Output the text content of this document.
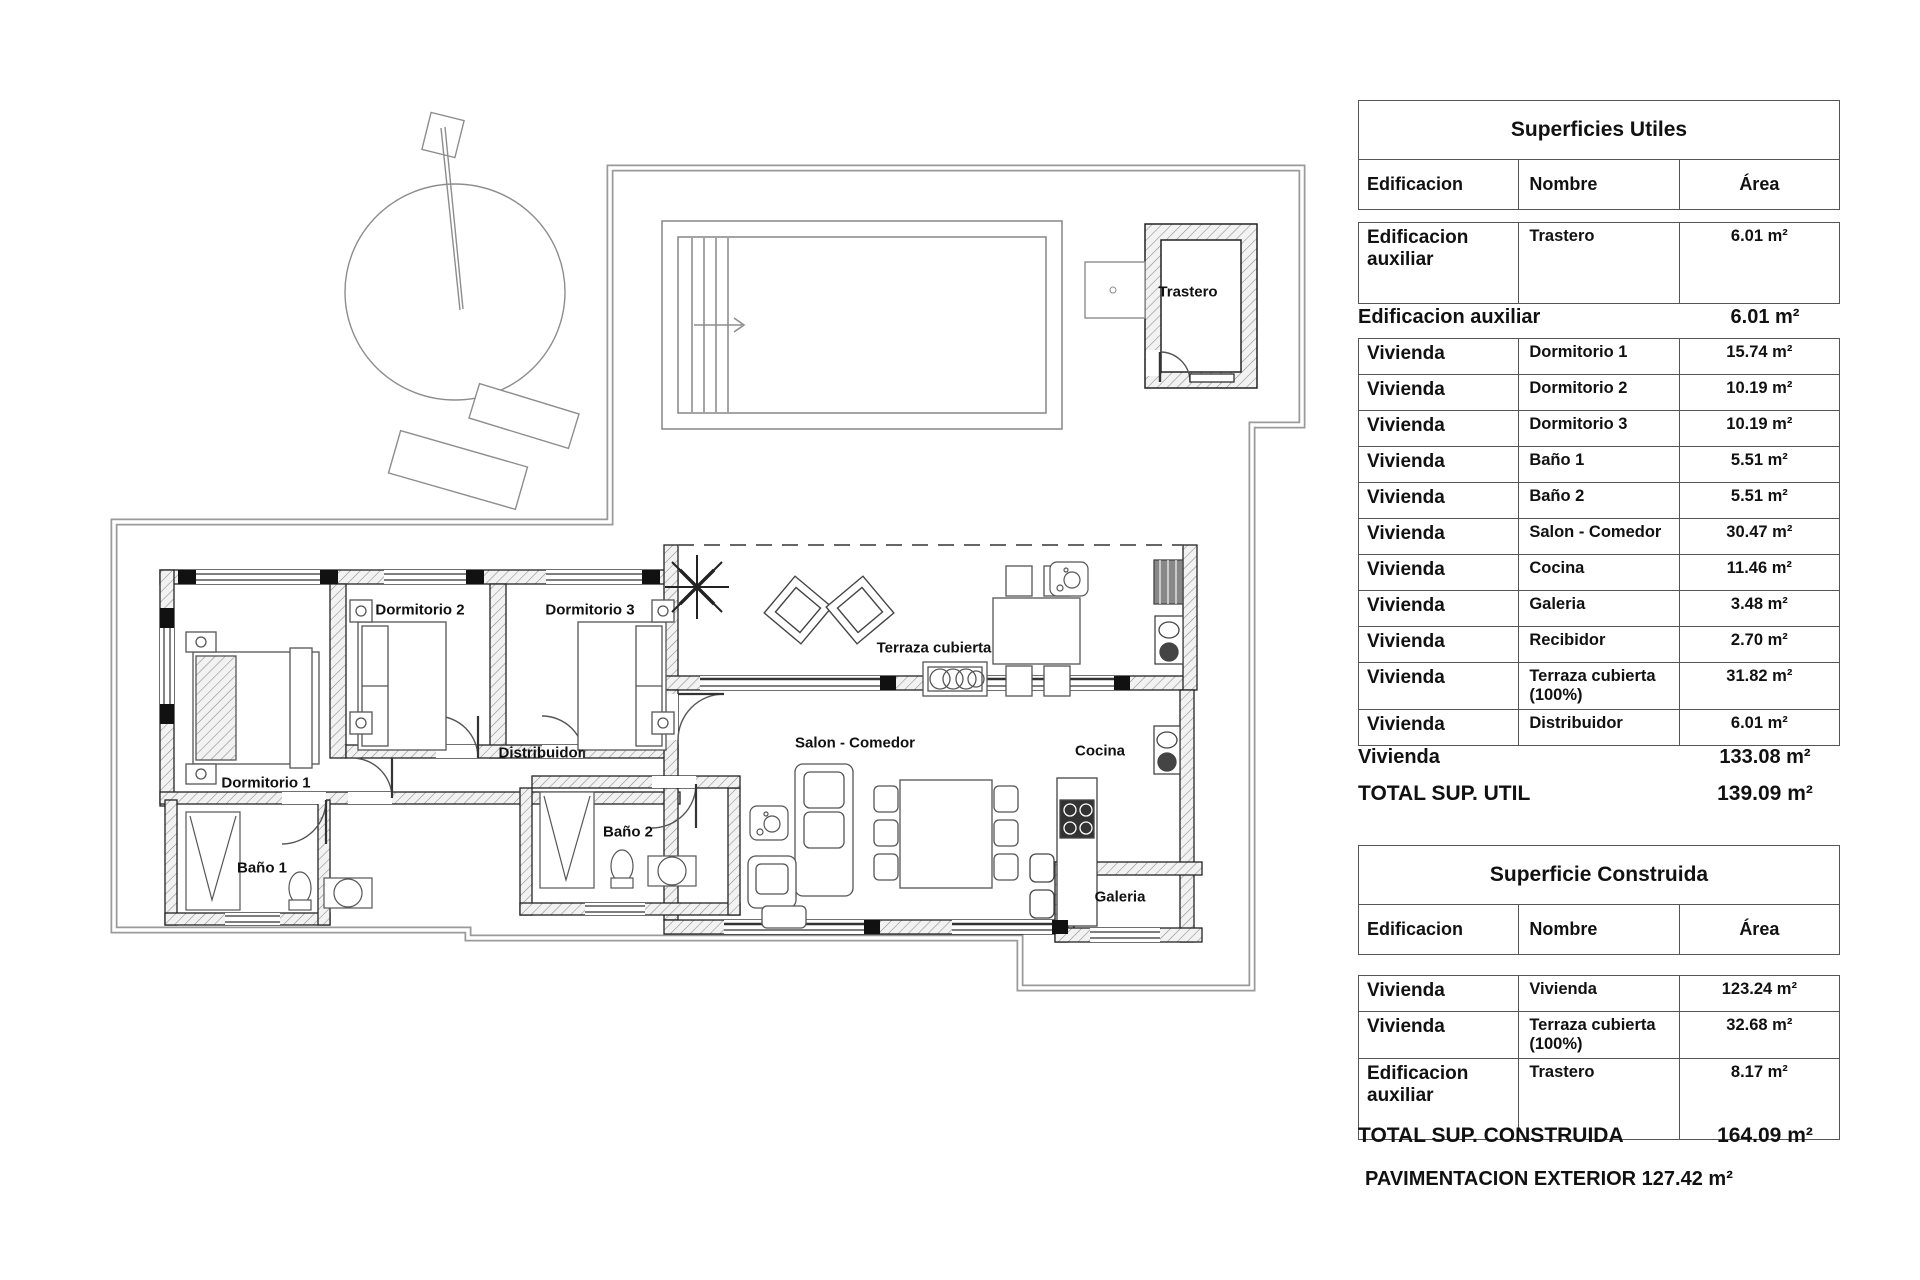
Dormitorio 1
Dormitorio 2	Dormitorio 3
Baño 1
Baño 2
Distribuidor
Salon - Comedor	Cocina
Galeria
Terraza cubierta
Trastero
Superficies Utiles
Edificacion	Nombre	Área
Edificacion auxiliar	Trastero	6.01 m²
Edificacion auxiliar	6.01 m²
Vivienda	Dormitorio 1	15.74 m²
Vivienda	Dormitorio 2	10.19 m²
Vivienda	Dormitorio 3	10.19 m²
Vivienda	Baño 1	5.51 m²
Vivienda	Baño 2	5.51 m²
Vivienda	Salon - Comedor	30.47 m²
Vivienda	Cocina	11.46 m²
Vivienda	Galeria	3.48 m²
Vivienda	Recibidor	2.70 m²
Vivienda	Terraza cubierta (100%)	31.82 m²
Vivienda	Distribuidor	6.01 m²
Vivienda	133.08 m²
TOTAL SUP. UTIL	139.09 m²
Superficie Construida
Edificacion	Nombre	Área
Vivienda	Vivienda	123.24 m²
Vivienda	Terraza cubierta (100%)	32.68 m²
Edificacion auxiliar	Trastero	8.17 m²
TOTAL SUP. CONSTRUIDA	164.09 m²
PAVIMENTACION EXTERIOR 127.42 m²
